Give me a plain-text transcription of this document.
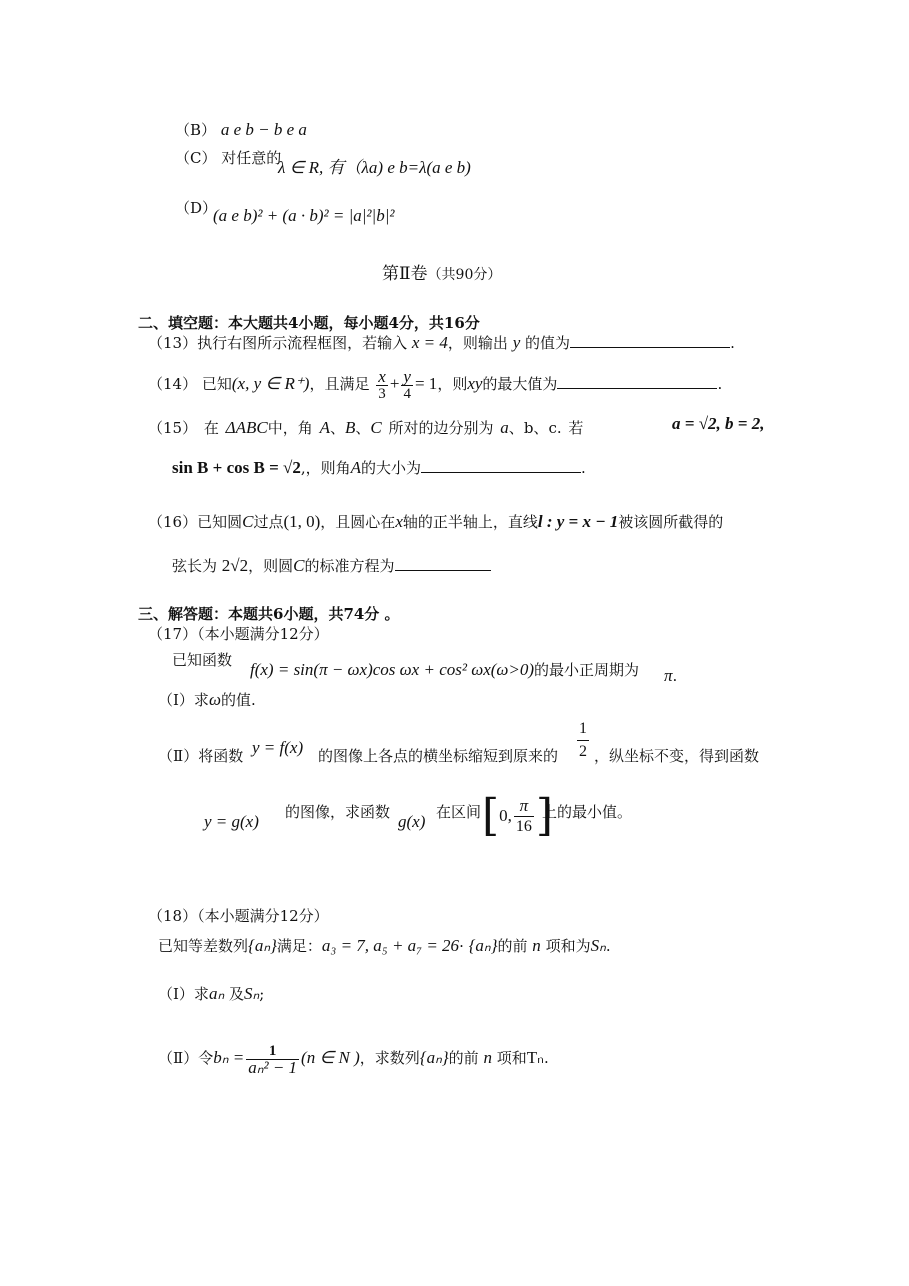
（B） a e b − b e a
（C） 对任意的
λ ∈ R, 有（λa) e b=λ(a e b)
（D）
(a e b)² + (a · b)² = |a|²|b|²
第Ⅱ卷（共90分）
二、填空题：本大题共4小题，每小题4分，共16分
（13）执行右图所示流程框图，若输入 x = 4，则输出 y 的值为	.
（14） 已知(x, y ∈ R⁺)，且满足 $\frac{x}{3} + \frac{y}{4} = 1$，则xy的最大值为	.
（15） 在 ΔABC中，角 A、B、C 所对的边分别为 a、b、c. 若	a = √2, b = 2,
sin B + cos B = √2,，则角A的大小为	.
（16）已知圆C过点(1, 0)，且圆心在x轴的正半轴上，直线l : y = x − 1被该圆所截得的
弦长为 2√2，则圆C的标准方程为
三、解答题：本题共6小题，共74分 。
（17）（本小题满分12分）
已知函数 f(x) = sin(π − ωx)cos ωx + cos² ωx(ω>0)的最小正周期为 π.
（Ⅰ）求ω的值.
（Ⅱ）将函数 y = f(x) 的图像上各点的横坐标缩短到原来的 $\frac{1}{2}$ ，纵坐标不变，得到函数
y = g(x) 的图像，求函数 g(x) 在区间 [ 0, $\frac{\pi}{16}$ ]
上的最小值。
（18）（本小题满分12分）
已知等差数列{aₙ}满足：a₃ = 7, a₅ + a₇ = 26· {aₙ}的前 n 项和为Sₙ.
（Ⅰ）求aₙ 及Sₙ;
（Ⅱ）令$b_n = \frac{1}{\text{aₙ² − 1}} (n$ ∈ N )，求数列{aₙ}的前 n 项和Tₙ.
